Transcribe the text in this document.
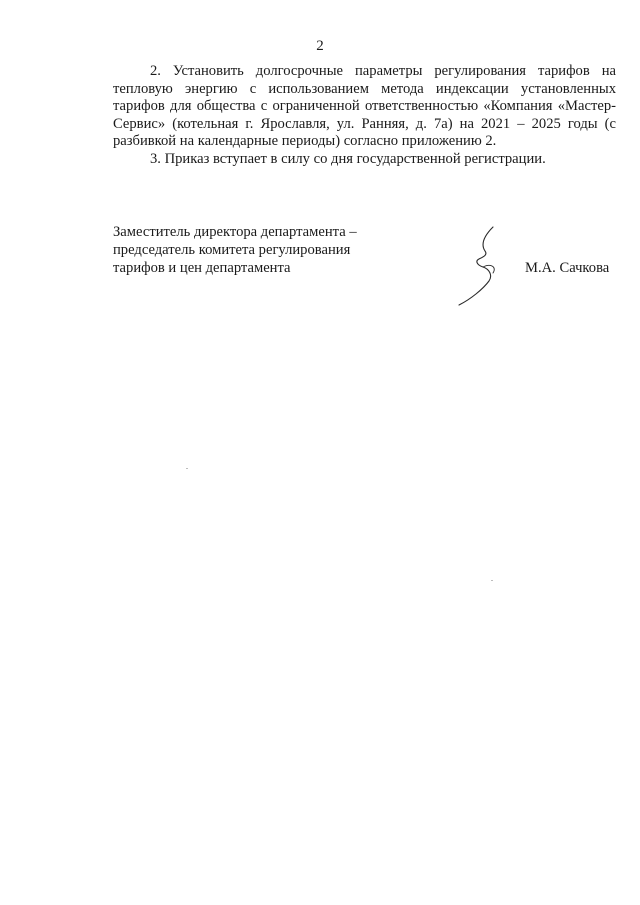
2

2. Установить долгосрочные параметры регулирования тарифов на тепловую энергию с использованием метода индексации установленных тарифов для общества с ограниченной ответственностью «Компания «Мастер-Сервис» (котельная г. Ярославля, ул. Ранняя, д. 7а) на 2021 – 2025 годы (с разбивкой на календарные периоды) согласно приложению 2.

3. Приказ вступает в силу со дня государственной регистрации.

Заместитель директора департамента –
председатель комитета регулирования
тарифов и цен департамента	М.А. Сачкова
